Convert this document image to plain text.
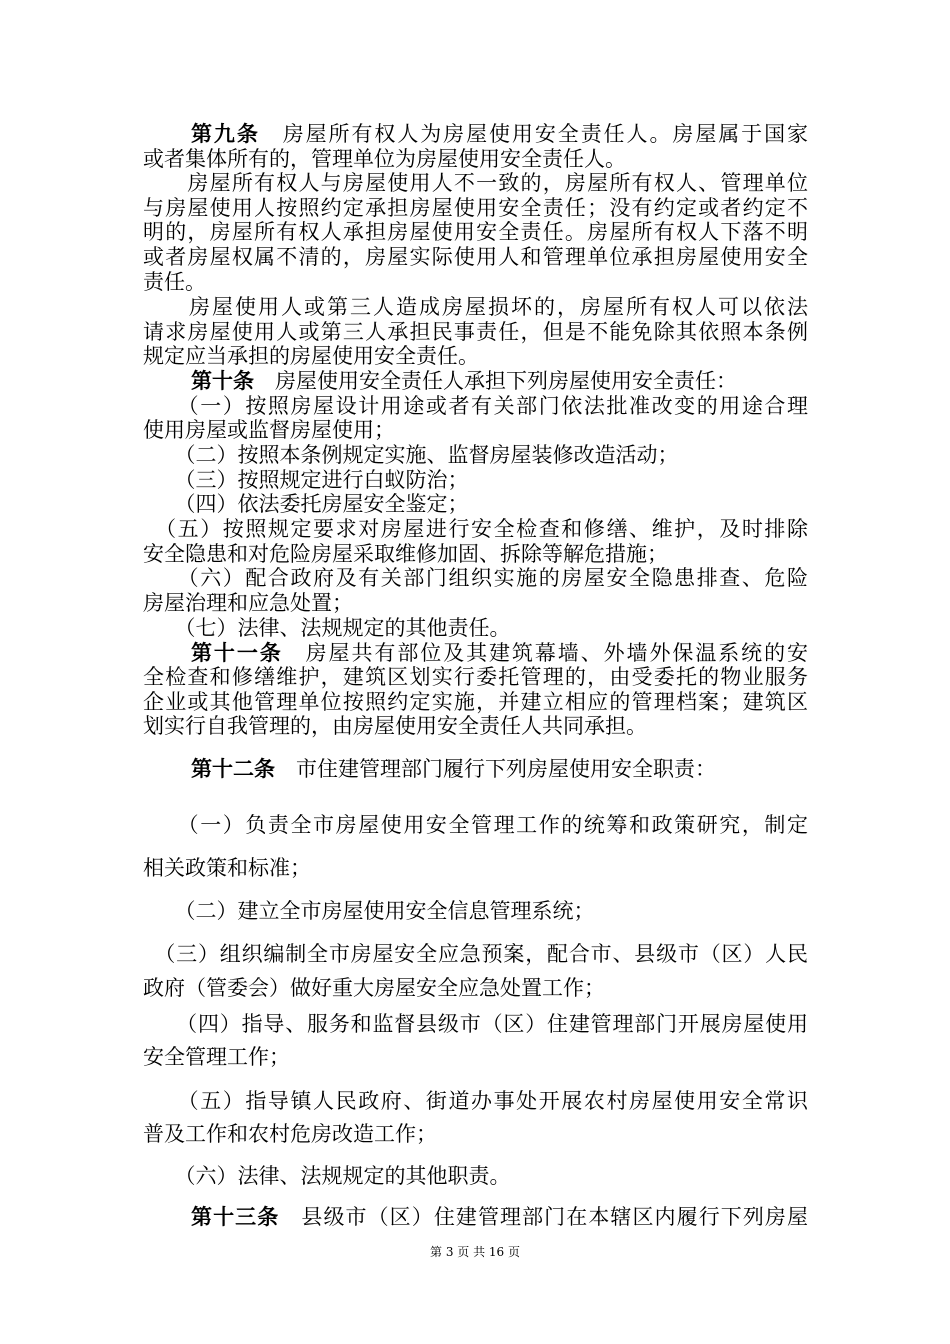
第九条　房屋所有权人为房屋使用安全责任人。房屋属于国家
或者集体所有的，管理单位为房屋使用安全责任人。
　　房屋所有权人与房屋使用人不一致的，房屋所有权人、管理单位
与房屋使用人按照约定承担房屋使用安全责任；没有约定或者约定不
明的，房屋所有权人承担房屋使用安全责任。房屋所有权人下落不明
或者房屋权属不清的，房屋实际使用人和管理单位承担房屋使用安全
责任。
　　房屋使用人或第三人造成房屋损坏的，房屋所有权人可以依法
请求房屋使用人或第三人承担民事责任，但是不能免除其依照本条例
规定应当承担的房屋使用安全责任。
第十条　房屋使用安全责任人承担下列房屋使用安全责任：
　　（一）按照房屋设计用途或者有关部门依法批准改变的用途合理
使用房屋或监督房屋使用；
　　（二）按照本条例规定实施、监督房屋装修改造活动；
　　（三）按照规定进行白蚁防治；
　　（四）依法委托房屋安全鉴定；
　（五）按照规定要求对房屋进行安全检查和修缮、维护，及时排除
安全隐患和对危险房屋采取维修加固、拆除等解危措施；
　　（六）配合政府及有关部门组织实施的房屋安全隐患排查、危险
房屋治理和应急处置；
　　（七）法律、法规规定的其他责任。
第十一条　房屋共有部位及其建筑幕墙、外墙外保温系统的安
全检查和修缮维护，建筑区划实行委托管理的，由受委托的物业服务
企业或其他管理单位按照约定实施，并建立相应的管理档案；建筑区
划实行自我管理的，由房屋使用安全责任人共同承担。
第十二条　市住建管理部门履行下列房屋使用安全职责：
　　（一）负责全市房屋使用安全管理工作的统筹和政策研究，制定
相关政策和标准；
　　（二）建立全市房屋使用安全信息管理系统；
　（三）组织编制全市房屋安全应急预案，配合市、县级市（区）人民
政府（管委会）做好重大房屋安全应急处置工作；
　　（四）指导、服务和监督县级市（区）住建管理部门开展房屋使用
安全管理工作；
　　（五）指导镇人民政府、街道办事处开展农村房屋使用安全常识
普及工作和农村危房改造工作；
　　（六）法律、法规规定的其他职责。
第十三条　县级市（区）住建管理部门在本辖区内履行下列房屋
第 3 页 共 16 页
